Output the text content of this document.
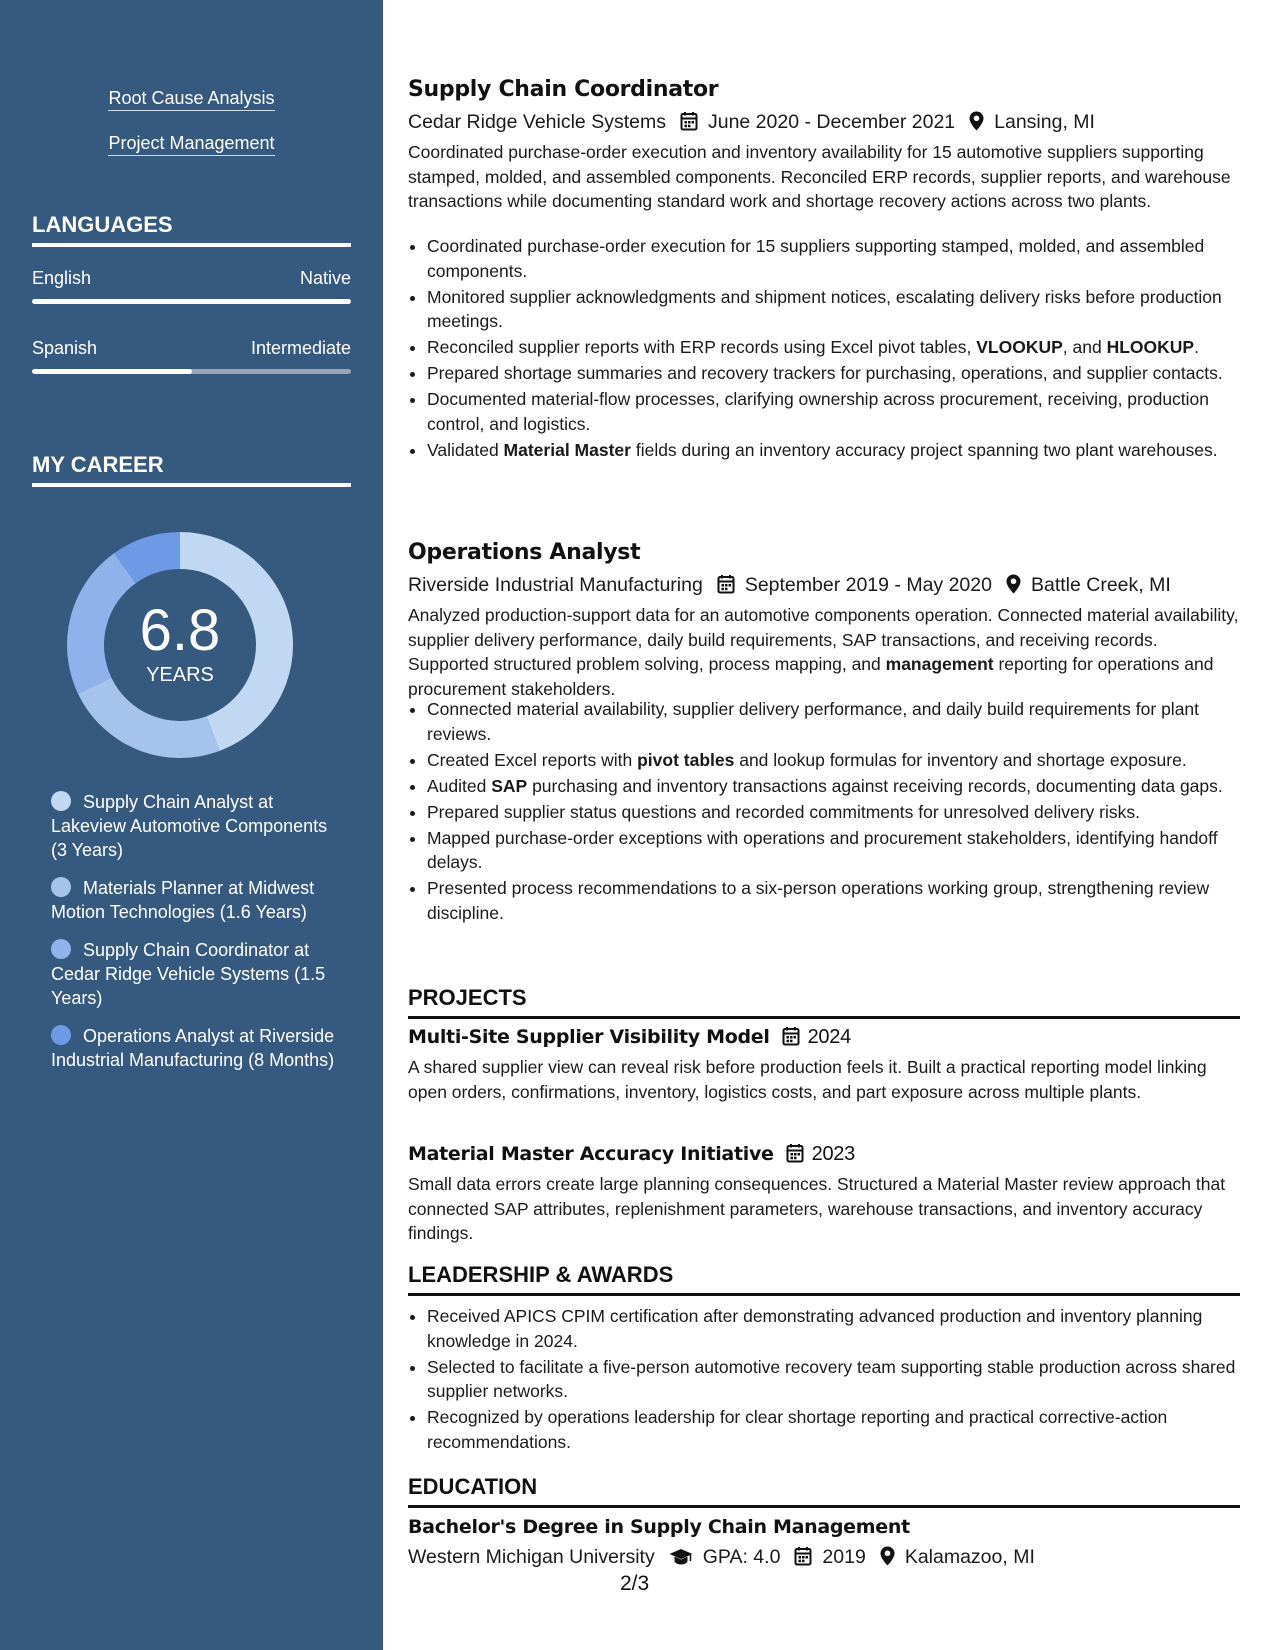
Root Cause Analysis
Project Management
LANGUAGES
English	Native
Spanish	Intermediate
MY CAREER
6.8
YEARS
Supply Chain Analyst at Lakeview Automotive Components (3 Years)
Materials Planner at Midwest Motion Technologies (1.6 Years)
Supply Chain Coordinator at Cedar Ridge Vehicle Systems (1.5 Years)
Operations Analyst at Riverside Industrial Manufacturing (8 Months)
Supply Chain Coordinator
Cedar Ridge Vehicle Systems June 2020 - December 2021 Lansing, MI
Coordinated purchase-order execution and inventory availability for 15 automotive suppliers supporting stamped, molded, and assembled components. Reconciled ERP records, supplier reports, and warehouse transactions while documenting standard work and shortage recovery actions across two plants.
• Coordinated purchase-order execution for 15 suppliers supporting stamped, molded, and assembled components.
• Monitored supplier acknowledgments and shipment notices, escalating delivery risks before production meetings.
• Reconciled supplier reports with ERP records using Excel pivot tables, VLOOKUP, and HLOOKUP.
• Prepared shortage summaries and recovery trackers for purchasing, operations, and supplier contacts.
• Documented material-flow processes, clarifying ownership across procurement, receiving, production control, and logistics.
• Validated Material Master fields during an inventory accuracy project spanning two plant warehouses.
Operations Analyst
Riverside Industrial Manufacturing September 2019 - May 2020 Battle Creek, MI
Analyzed production-support data for an automotive components operation. Connected material availability, supplier delivery performance, daily build requirements, SAP transactions, and receiving records. Supported structured problem solving, process mapping, and management reporting for operations and procurement stakeholders.
• Connected material availability, supplier delivery performance, and daily build requirements for plant reviews.
• Created Excel reports with pivot tables and lookup formulas for inventory and shortage exposure.
• Audited SAP purchasing and inventory transactions against receiving records, documenting data gaps.
• Prepared supplier status questions and recorded commitments for unresolved delivery risks.
• Mapped purchase-order exceptions with operations and procurement stakeholders, identifying handoff delays.
• Presented process recommendations to a six-person operations working group, strengthening review discipline.
PROJECTS
Multi-Site Supplier Visibility Model 2024
A shared supplier view can reveal risk before production feels it. Built a practical reporting model linking open orders, confirmations, inventory, logistics costs, and part exposure across multiple plants.
Material Master Accuracy Initiative 2023
Small data errors create large planning consequences. Structured a Material Master review approach that connected SAP attributes, replenishment parameters, warehouse transactions, and inventory accuracy findings.
LEADERSHIP & AWARDS
• Received APICS CPIM certification after demonstrating advanced production and inventory planning knowledge in 2024.
• Selected to facilitate a five-person automotive recovery team supporting stable production across shared supplier networks.
• Recognized by operations leadership for clear shortage reporting and practical corrective-action recommendations.
EDUCATION
Bachelor's Degree in Supply Chain Management
Western Michigan University GPA: 4.0 2019 Kalamazoo, MI
2/3
